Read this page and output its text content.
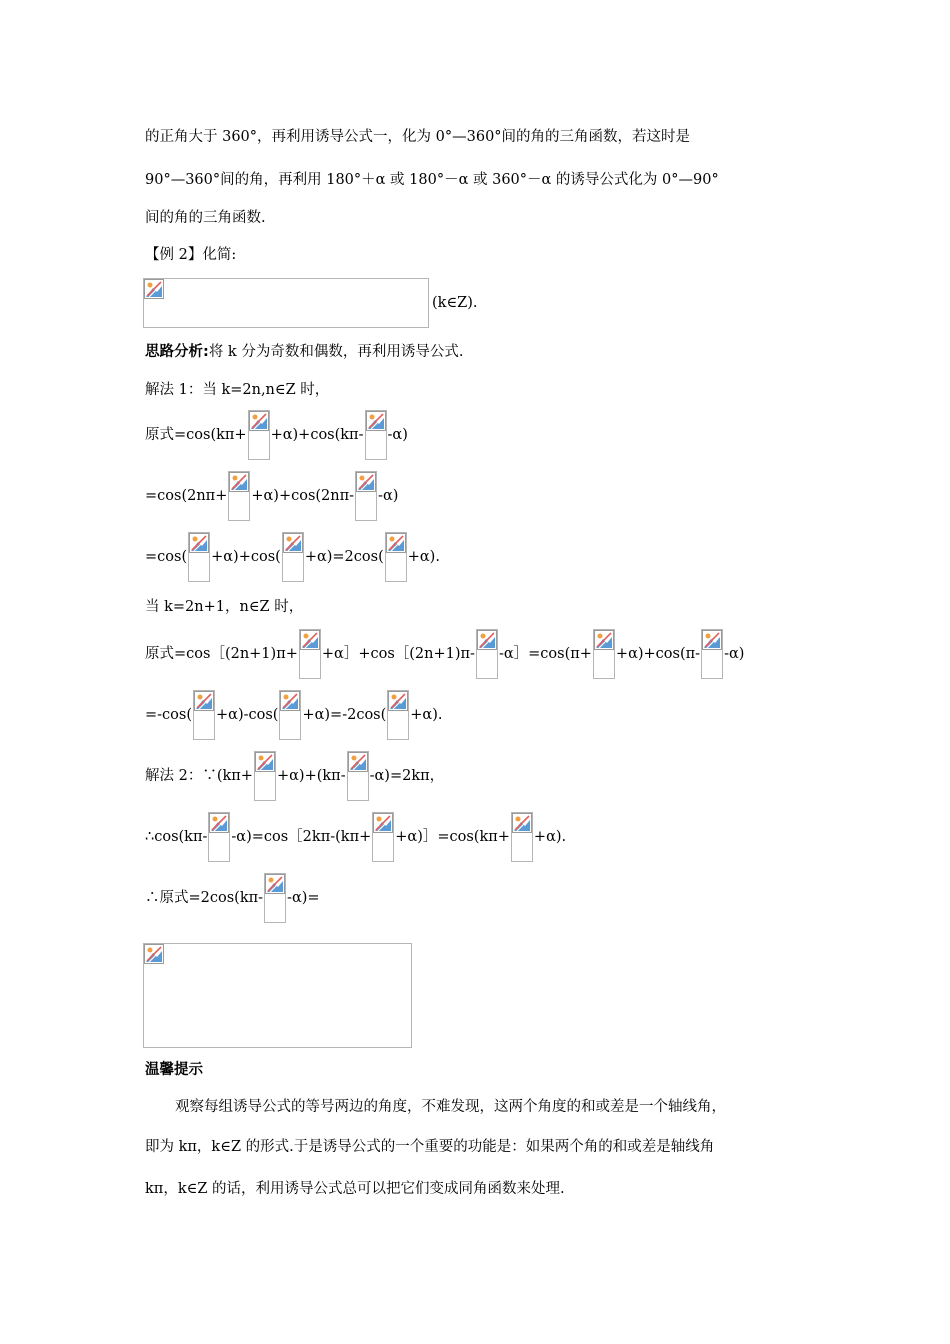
的正角大于 360°，再利用诱导公式一，化为 0°—360°间的角的三角函数，若这时是
90°—360°间的角，再利用 180°＋α 或 180°－α 或 360°－α 的诱导公式化为 0°—90°
间的角的三角函数.
【例 2】化简:
(k∈Z).
思路分析:将 k 分为奇数和偶数，再利用诱导公式.
解法 1：当 k=2n,n∈Z 时，
原式=cos(kπ+ +α)+cos(kπ- -α)
=cos(2nπ+ +α)+cos(2nπ- -α)
=cos( +α)+cos( +α)=2cos( +α).
当 k=2n+1，n∈Z 时，
原式=cos［(2n+1)π+ +α］+cos［(2n+1)π- -α］=cos(π+ +α)+cos(π- -α)
=-cos( +α)-cos( +α)=-2cos( +α).
解法 2：∵(kπ+ +α)+(kπ- -α)=2kπ，
∴cos(kπ- -α)=cos［2kπ-(kπ+ +α)］=cos(kπ+ +α).
∴原式=2cos(kπ- -α)=
温馨提示
观察每组诱导公式的等号两边的角度，不难发现，这两个角度的和或差是一个轴线角，
即为 kπ，k∈Z 的形式.于是诱导公式的一个重要的功能是：如果两个角的和或差是轴线角
kπ，k∈Z 的话，利用诱导公式总可以把它们变成同角函数来处理.
